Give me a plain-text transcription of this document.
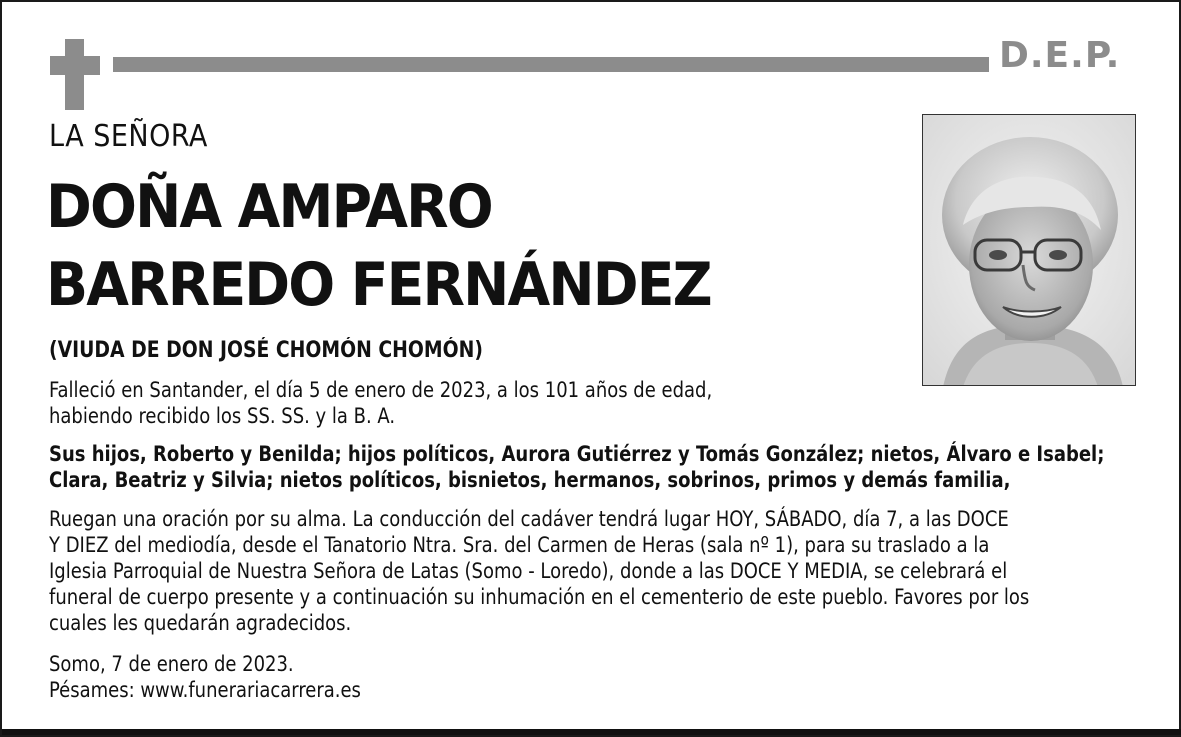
D.E.P.
LA SEÑORA
DOÑA AMPARO
BARREDO FERNÁNDEZ
(VIUDA DE DON JOSÉ CHOMÓN CHOMÓN)
Falleció en Santander, el día 5 de enero de 2023, a los 101 años de edad,
habiendo recibido los SS. SS. y la B. A.
Sus hijos, Roberto y Benilda; hijos políticos, Aurora Gutiérrez y Tomás González; nietos, Álvaro e Isabel;
Clara, Beatriz y Silvia; nietos políticos, bisnietos, hermanos, sobrinos, primos y demás familia,
Ruegan una oración por su alma. La conducción del cadáver tendrá lugar HOY, SÁBADO, día 7, a las DOCE
Y DIEZ del mediodía, desde el Tanatorio Ntra. Sra. del Carmen de Heras (sala nº 1), para su traslado a la
Iglesia Parroquial de Nuestra Señora de Latas (Somo - Loredo), donde a las DOCE Y MEDIA, se celebrará el
funeral de cuerpo presente y a continuación su inhumación en el cementerio de este pueblo. Favores por los
cuales les quedarán agradecidos.
Somo, 7 de enero de 2023.
Pésames: www.funerariacarrera.es
